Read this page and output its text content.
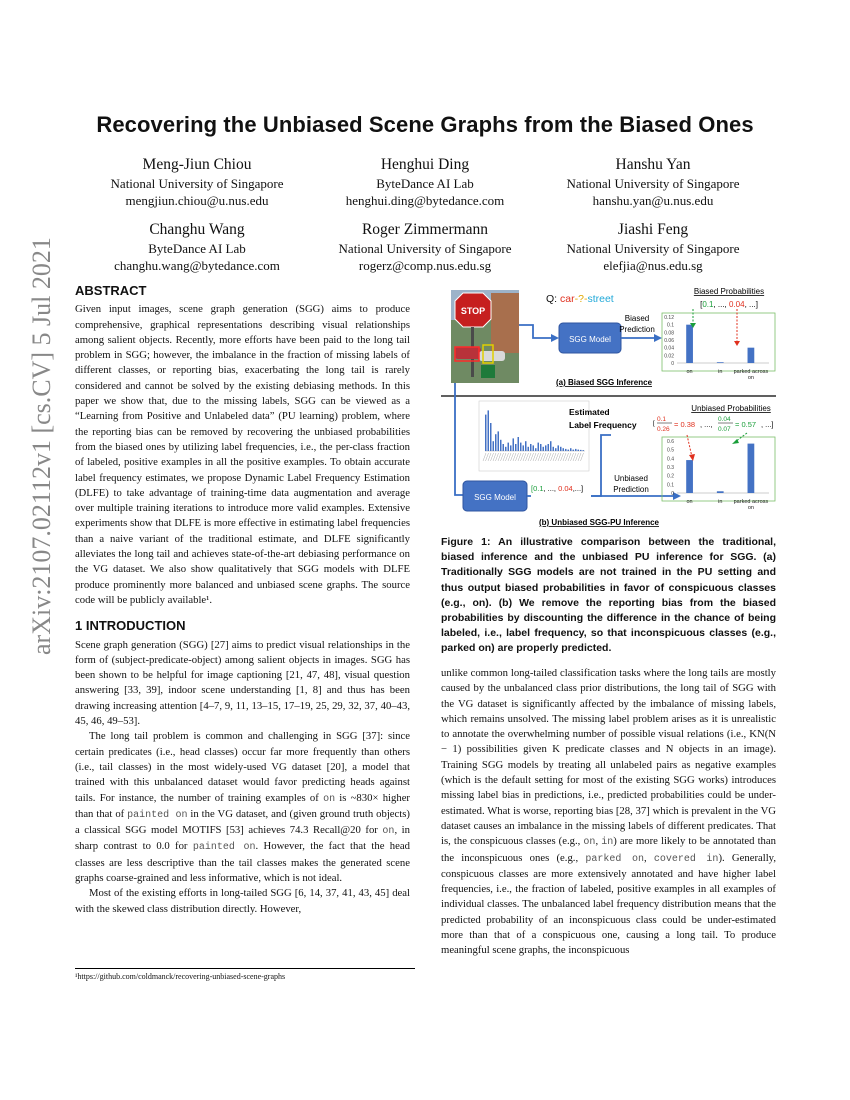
Recovering the Unbiased Scene Graphs from the Biased Ones
Meng-Jiun Chiou
National University of Singapore
mengjiun.chiou@u.nus.edu
Henghui Ding
ByteDance AI Lab
henghui.ding@bytedance.com
Hanshu Yan
National University of Singapore
hanshu.yan@u.nus.edu
Changhu Wang
ByteDance AI Lab
changhu.wang@bytedance.com
Roger Zimmermann
National University of Singapore
rogerz@comp.nus.edu.sg
Jiashi Feng
National University of Singapore
elefjia@nus.edu.sg
arXiv:2107.02112v1 [cs.CV] 5 Jul 2021 ABSTRACT

Given input images, scene graph generation (SGG) aims to produce comprehensive, graphical representations describing visual relationships among salient objects. Recently, more efforts have been paid to the long tail problem in SGG; however, the imbalance in the fraction of missing labels of different classes, or reporting bias, exacerbating the long tail is rarely considered and cannot be solved by the existing debiasing methods. In this paper we show that, due to the missing labels, SGG can be viewed as a “Learning from Positive and Unlabeled data” (PU learning) problem, where the reporting bias can be removed by recovering the unbiased probabilities from the biased ones by utilizing label frequencies, i.e., the per-class fraction of labeled, positive examples in all the positive examples. To obtain accurate label frequency estimates, we propose Dynamic Label Frequency Estimation (DLFE) to take advantage of training-time data augmentation and average over multiple training iterations to introduce more valid examples. Extensive experiments show that DLFE is more effective in estimating label frequencies than a naive variant of the traditional estimate, and DLFE significantly alleviates the long tail and achieves state-of-the-art debiasing performance on the VG dataset. We also show qualitatively that SGG models with DLFE produce prominently more balanced and unbiased scene graphs. The source code will be publicly available¹.

1 INTRODUCTION

Scene graph generation (SGG) [27] aims to predict visual relationships in the form of (subject-predicate-object) among salient objects in images. SGG has been shown to be helpful for image captioning [21, 47, 48], visual question answering [33, 39], indoor scene understanding [1, 8] and thus has been drawing increasing attention [4–7, 9, 11, 13–15, 17–19, 25, 29, 32, 37, 40–43, 45, 46, 49–53].

The long tail problem is common and challenging in SGG [37]: since certain predicates (i.e., head classes) occur far more frequently than others (i.e., tail classes) in the most widely-used VG dataset [20], a model that trained with this unbalanced dataset would favor predicting heads against tails. For instance, the number of training examples of on is ~830× higher than that of painted on in the VG dataset, and (given ground truth objects) a classical SGG model MOTIFS [53] achieves 74.3 Recall@20 for on, in sharp contrast to 0.0 for painted on. However, the fact that the head classes are less descriptive than the tail classes makes the generated scene graphs coarse-grained and less informative, which is not ideal.

Most of the existing efforts in long-tailed SGG [6, 14, 37, 41, 43, 45] deal with the skewed class distribution directly. However,

¹https://github.com/coldmanck/recovering-unbiased-scene-graphs
STOP
Q: car-?-street
SGG Model
Biased Prediction
Biased Probabilities
[0.1, ..., 0.04, ...]
0.12
0.1
0.08
0.06
0.04
0.02
0
on	in parked across on
(a) Biased SGG Inference
Estimated Label Frequency
SGG Model
[0.1, ..., 0.04,...]
Unbiased Prediction
Unbiased Probabilities
[
0.1
0.26
= 0.38 , ...,
0.04
0.07
= 0.57 , ...]
0.6
0.5
0.4
0.3
0.2
0.1
0
on	in parked across on
(b) Unbiased SGG-PU Inference
Figure 1: An illustrative comparison between the traditional, biased inference and the unbiased PU inference for SGG. (a) Traditionally SGG models are not trained in the PU setting and thus output biased probabilities in favor of conspicuous classes (e.g., on). (b) We remove the reporting bias from the biased probabilities by discounting the difference in the chance of being labeled, i.e., label frequency, so that inconspicuous classes (e.g., parked on) are properly predicted.

unlike common long-tailed classification tasks where the long tails are mostly caused by the unbalanced class prior distributions, the long tail of SGG with the VG dataset is significantly affected by the imbalance of missing labels, which remains unsolved. The missing label problem arises as it is unrealistic to annotate the overwhelming number of possible visual relations (i.e., KN(N − 1) possibilities given K predicate classes and N objects in an image). Training SGG models by treating all unlabeled pairs as negative examples (which is the default setting for most of the existing SGG works) introduces missing label bias in predictions, i.e., predicted probabilities could be under-estimated. What is worse, reporting bias [28, 37] which is prevalent in the VG dataset causes an imbalance in the missing labels of different predicates. That is, the conspicuous classes (e.g., on, in) are more likely to be annotated than the inconspicuous ones (e.g., parked on, covered in). Generally, conspicuous classes are more extensively annotated and have higher label frequencies, i.e., the fraction of labeled, positive examples in all examples of individual classes. The unbalanced label frequency distribution means that the predicted probability of an inconspicuous class could be under-estimated more than that of a conspicuous one, causing a long tail. To produce meaningful scene graphs, the inconspicuous
